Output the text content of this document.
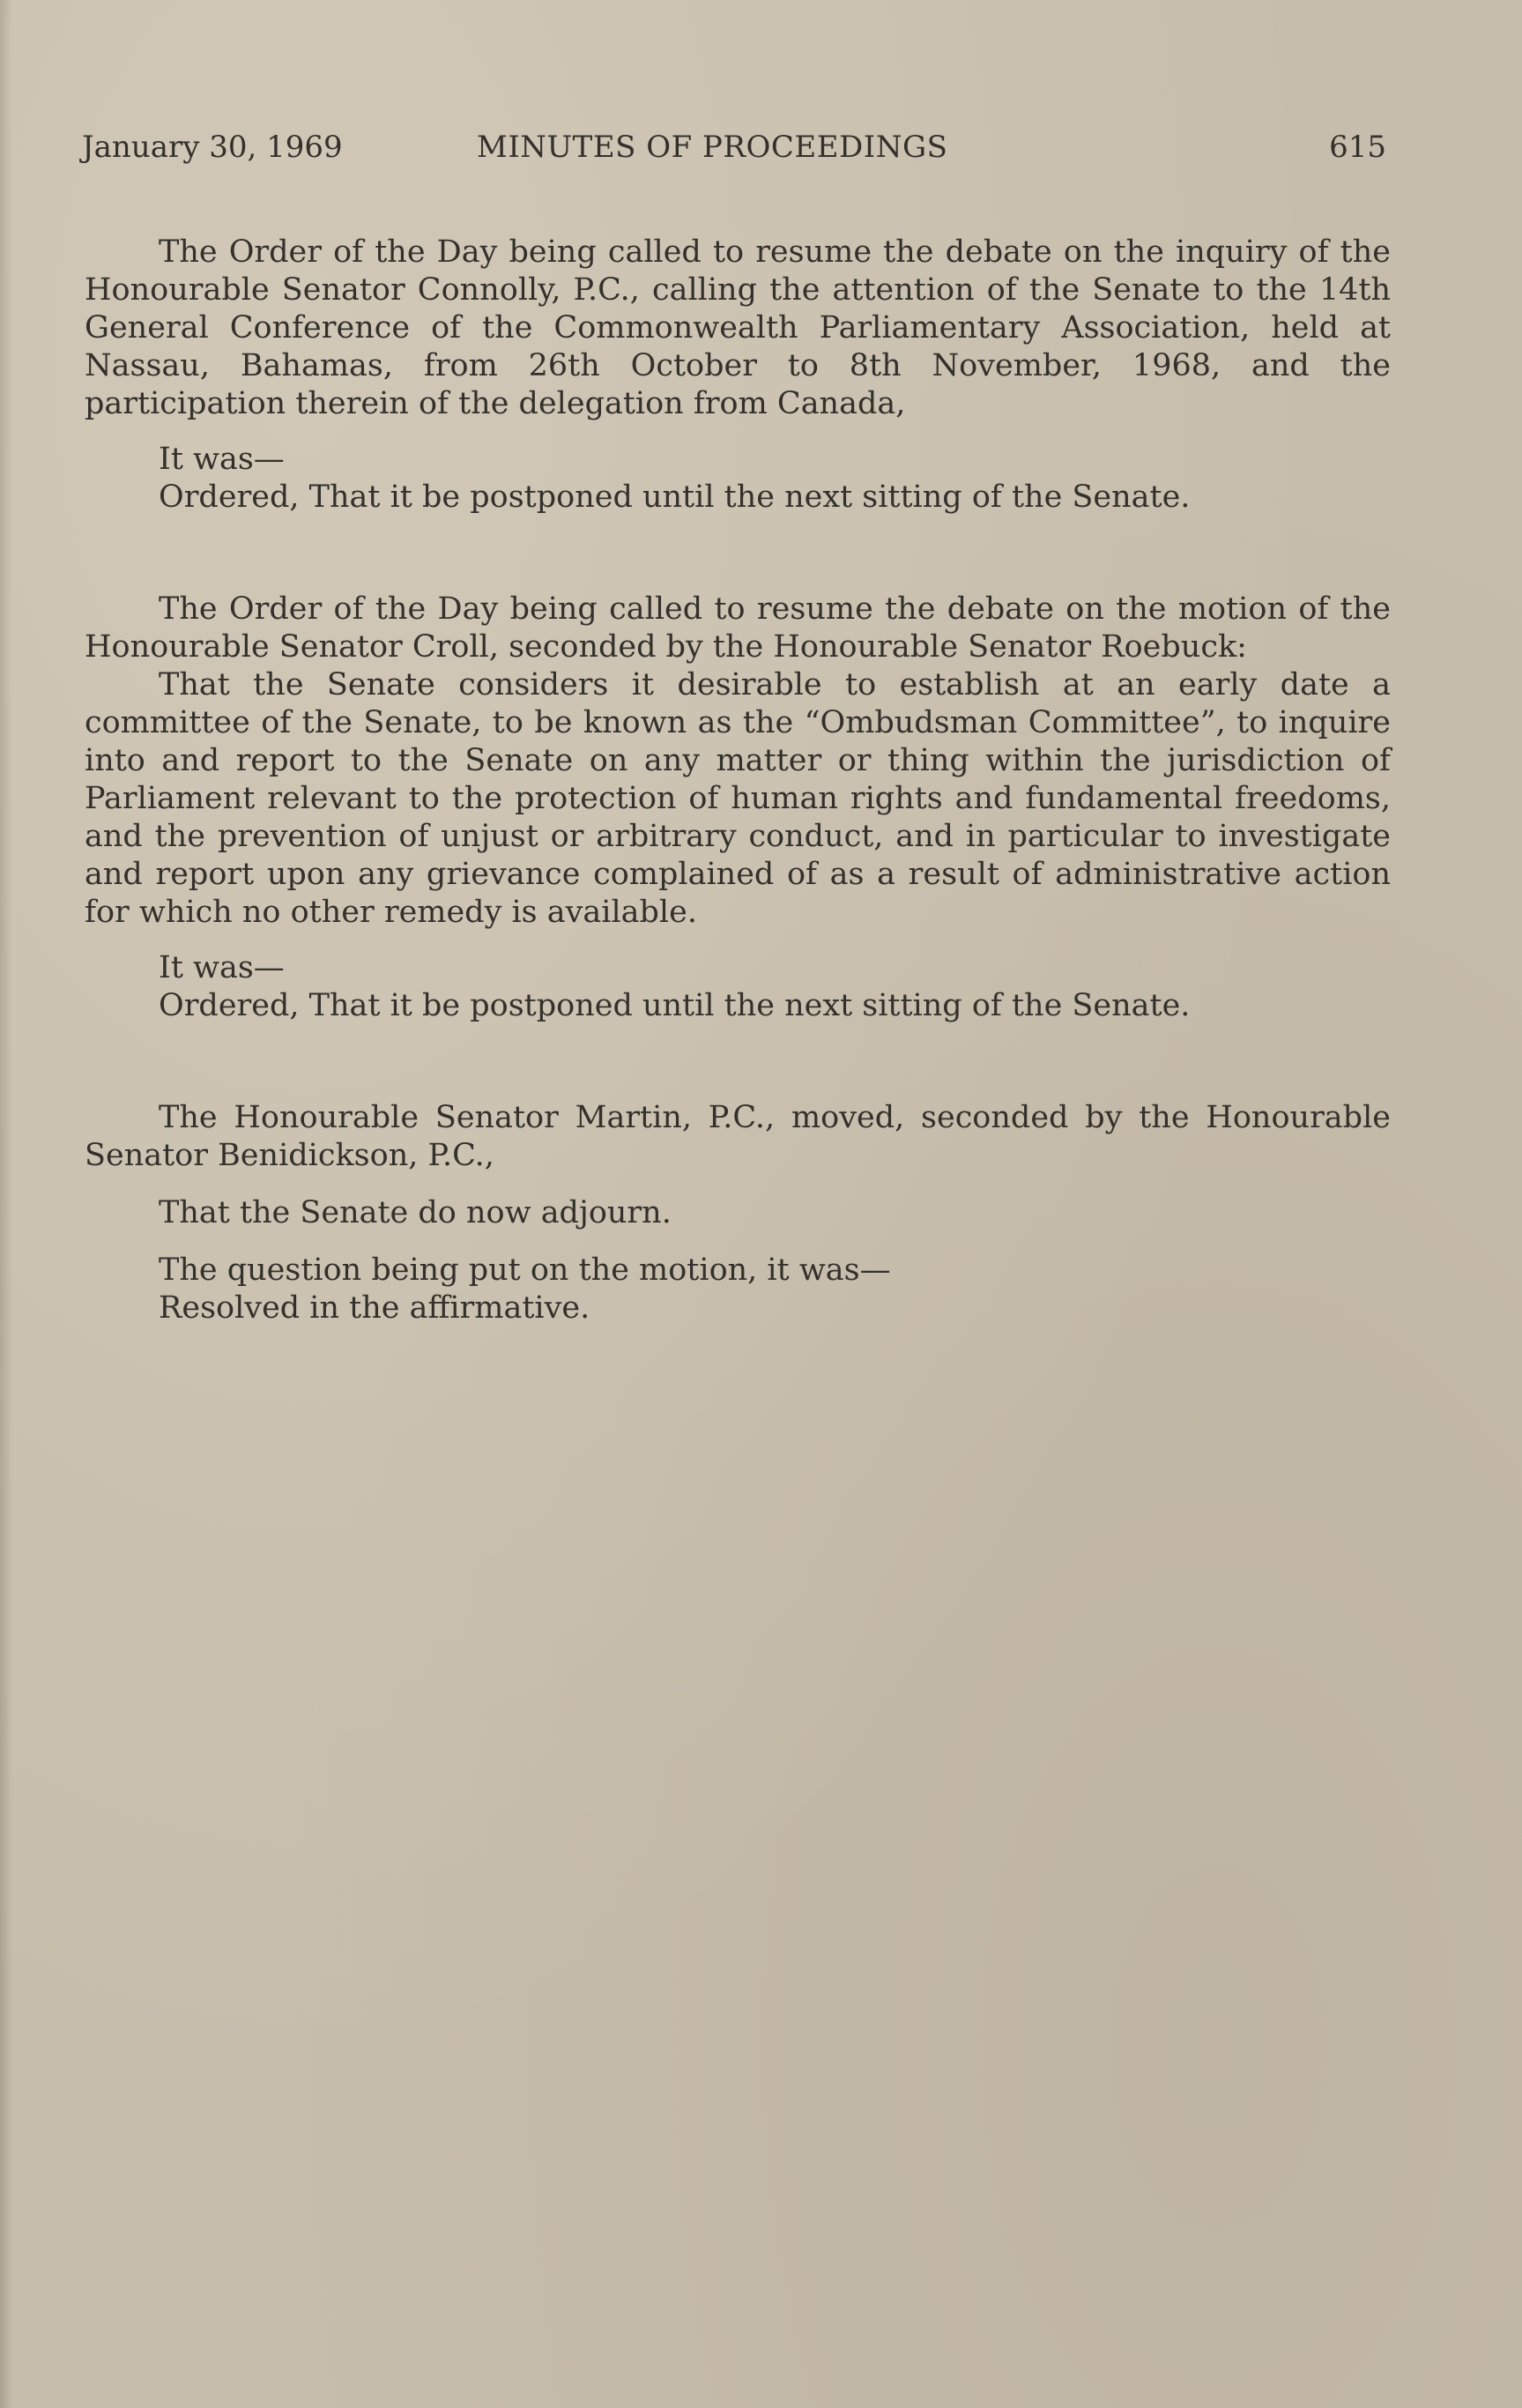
January 30, 1969	MINUTES OF PROCEEDINGS	615

The Order of the Day being called to resume the debate on the inquiry of the Honourable Senator Connolly, P.C., calling the attention of the Senate to the 14th General Conference of the Commonwealth Parliamentary Association, held at Nassau, Bahamas, from 26th October to 8th November, 1968, and the participation therein of the delegation from Canada,

It was—

Ordered, That it be postponed until the next sitting of the Senate.

The Order of the Day being called to resume the debate on the motion of the Honourable Senator Croll, seconded by the Honourable Senator Roebuck:

That the Senate considers it desirable to establish at an early date a committee of the Senate, to be known as the “Ombudsman Committee”, to inquire into and report to the Senate on any matter or thing within the jurisdiction of Parliament relevant to the protection of human rights and fundamental freedoms, and the prevention of unjust or arbitrary conduct, and in particular to investigate and report upon any grievance complained of as a result of administrative action for which no other remedy is available.

It was—

Ordered, That it be postponed until the next sitting of the Senate.

The Honourable Senator Martin, P.C., moved, seconded by the Honourable Senator Benidickson, P.C.,

That the Senate do now adjourn.

The question being put on the motion, it was—

Resolved in the affirmative.
